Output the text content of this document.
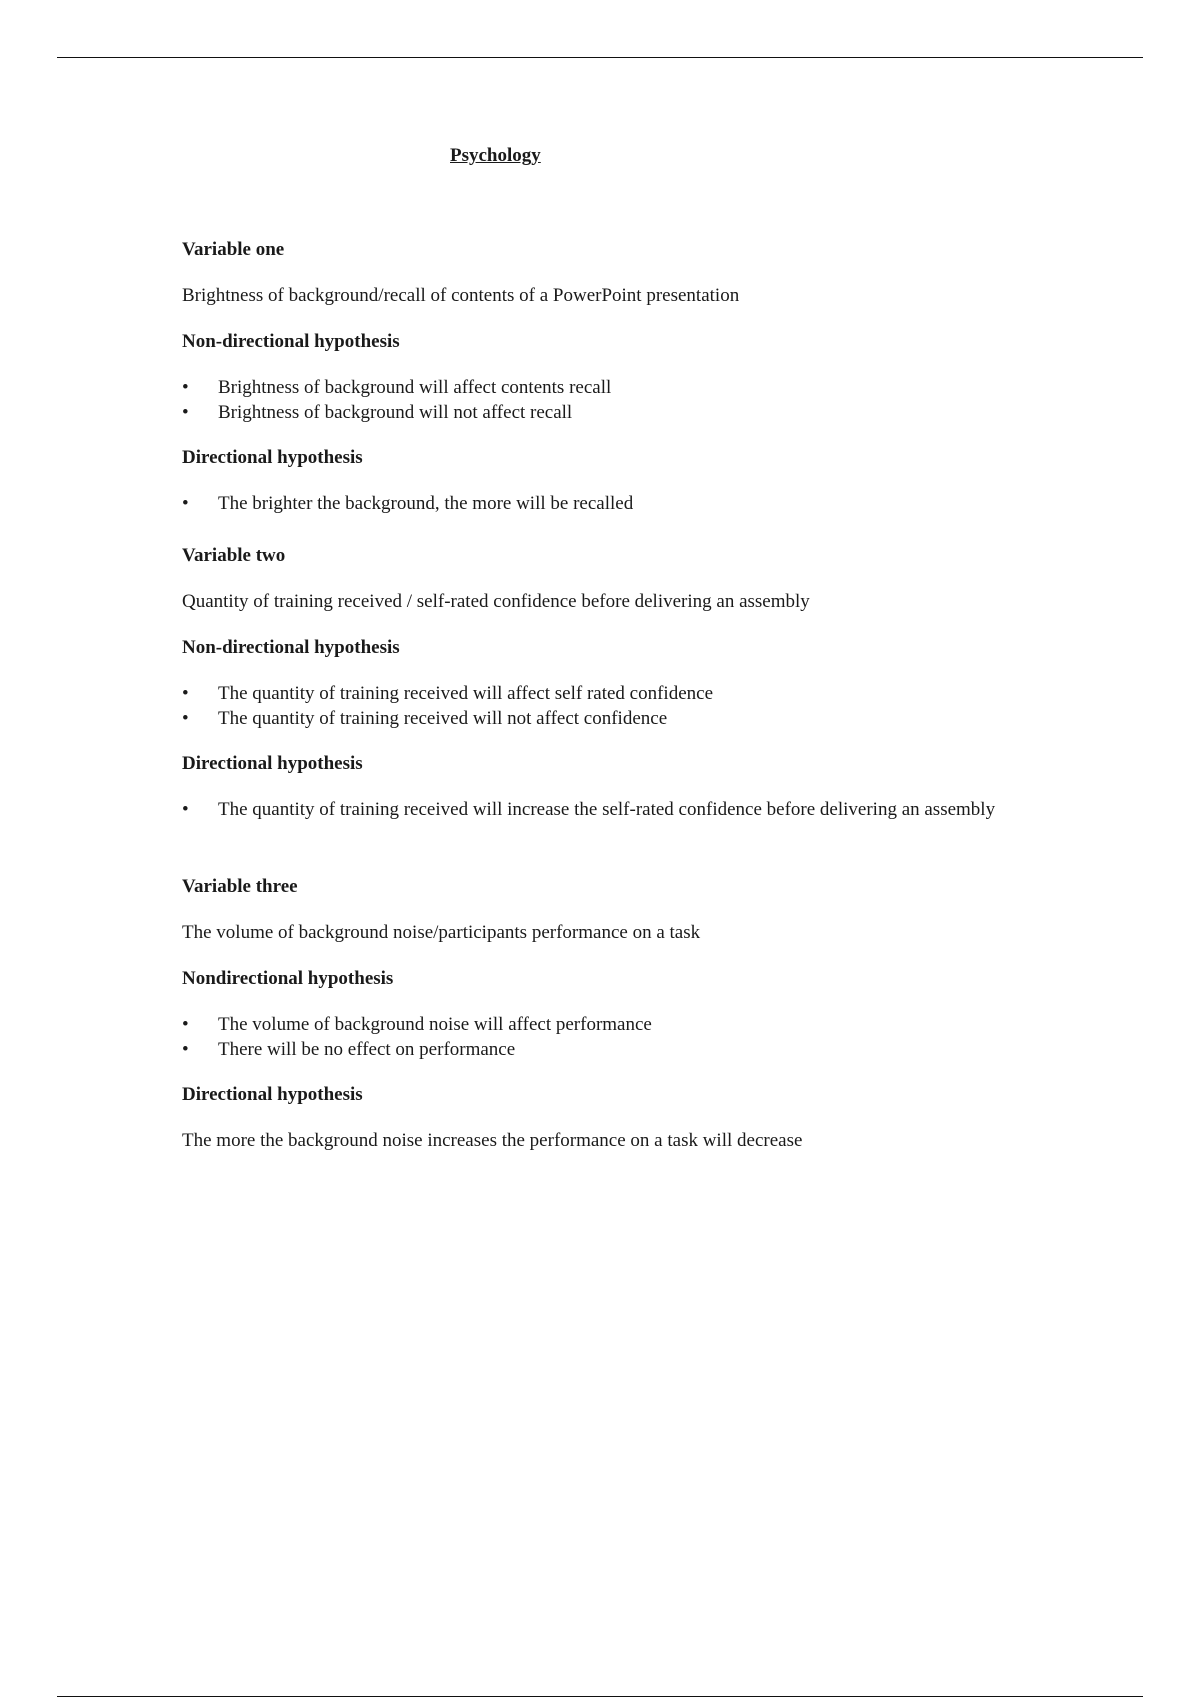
Psychology

Variable one

Brightness of background/recall of contents of a PowerPoint presentation

Non-directional hypothesis

•	Brightness of background will affect contents recall
•	Brightness of background will not affect recall

Directional hypothesis

•	The brighter the background, the more will be recalled

Variable two

Quantity of training received / self-rated confidence before delivering an assembly

Non-directional hypothesis

•	The quantity of training received will affect self rated confidence
•	The quantity of training received will not affect confidence

Directional hypothesis

•	The quantity of training received will increase the self-rated confidence before delivering an assembly

Variable three

The volume of background noise/participants performance on a task

Nondirectional hypothesis

•	The volume of background noise will affect performance
•	There will be no effect on performance

Directional hypothesis

The more the background noise increases the performance on a task will decrease
